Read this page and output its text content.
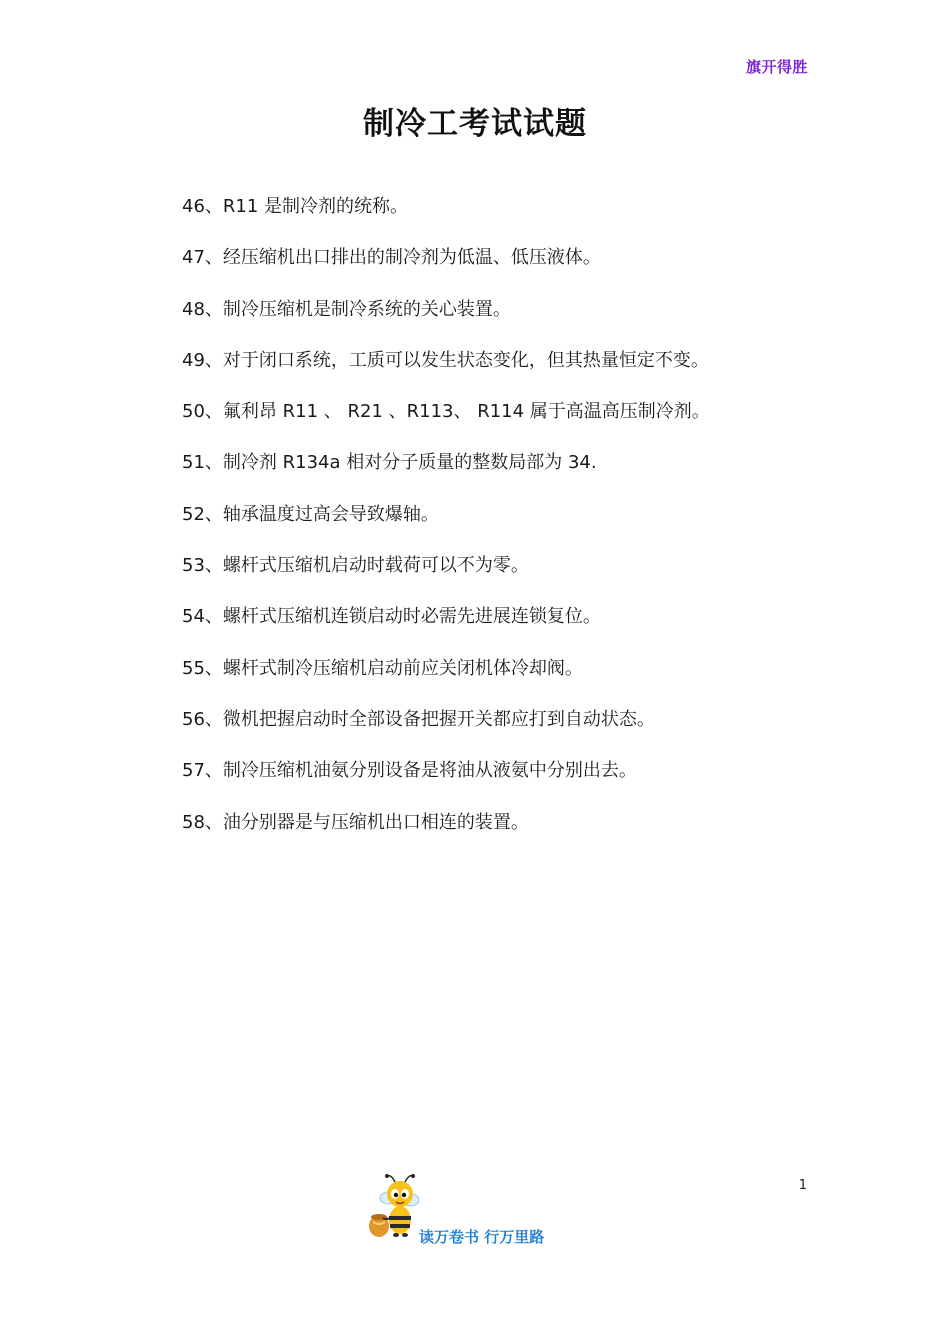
旗开得胜
制冷工考试试题
46、R11 是制冷剂的统称。
47、经压缩机出口排出的制冷剂为低温、低压液体。
48、制冷压缩机是制冷系统的关心装置。
49、对于闭口系统，工质可以发生状态变化，但其热量恒定不变。
50、氟利昂 R11 、 R21 、R113、 R114 属于高温高压制冷剂。
51、制冷剂 R134a 相对分子质量的整数局部为 34.
52、轴承温度过高会导致爆轴。
53、螺杆式压缩机启动时载荷可以不为零。
54、螺杆式压缩机连锁启动时必需先进展连锁复位。
55、螺杆式制冷压缩机启动前应关闭机体冷却阀。
56、微机把握启动时全部设备把握开关都应打到自动状态。
57、制冷压缩机油氨分别设备是将油从液氨中分别出去。
58、油分别器是与压缩机出口相连的装置。
1
读万卷书 行万里路
